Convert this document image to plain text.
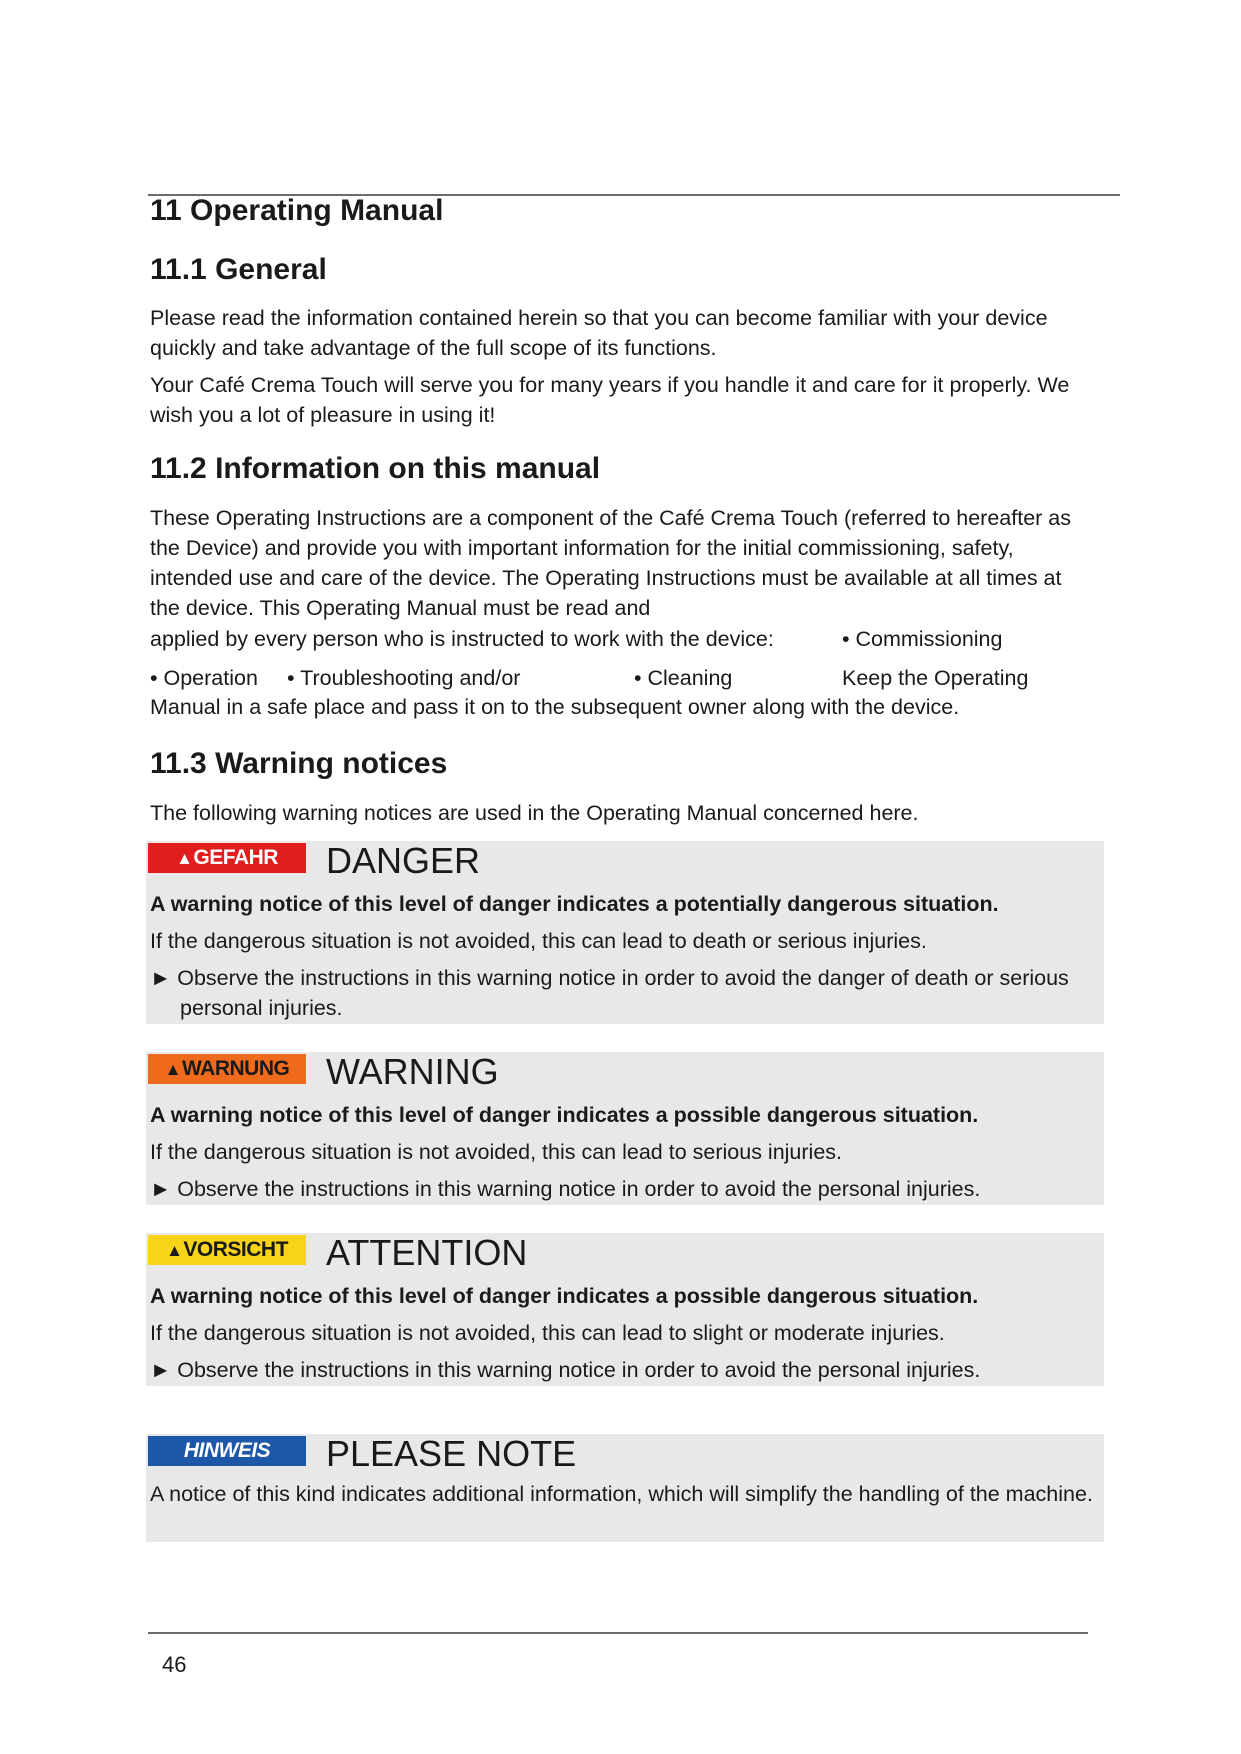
11 Operating Manual
11.1 General

Please read the information contained herein so that you can become familiar with your device quickly and take advantage of the full scope of its functions.

Your Café Crema Touch will serve you for many years if you handle it and care for it properly. We wish you a lot of pleasure in using it!

11.2 Information on this manual

These Operating Instructions are a component of the Café Crema Touch (referred to hereafter as the Device) and provide you with important information for the initial commissioning, safety, intended use and care of the device. The Operating Instructions must be available at all times at the device. This Operating Manual must be read and

applied by every person who is instructed to work with the device:	• Commissioning
• Operation • Troubleshooting and/or	• Cleaning	Keep the Operating

Manual in a safe place and pass it on to the subsequent owner along with the device.

11.3 Warning notices

The following warning notices are used in the Operating Manual concerned here.

▲GEFAHR	DANGER

A warning notice of this level of danger indicates a potentially dangerous situation.

If the dangerous situation is not avoided, this can lead to death or serious injuries.

► Observe the instructions in this warning notice in order to avoid the danger of death or serious personal injuries.

▲WARNUNG	WARNING

A warning notice of this level of danger indicates a possible dangerous situation.

If the dangerous situation is not avoided, this can lead to serious injuries.

► Observe the instructions in this warning notice in order to avoid the personal injuries.

▲VORSICHT	ATTENTION

A warning notice of this level of danger indicates a possible dangerous situation.

If the dangerous situation is not avoided, this can lead to slight or moderate injuries.

► Observe the instructions in this warning notice in order to avoid the personal injuries.

HINWEIS	PLEASE NOTE

A notice of this kind indicates additional information, which will simplify the handling of the machine.

46
